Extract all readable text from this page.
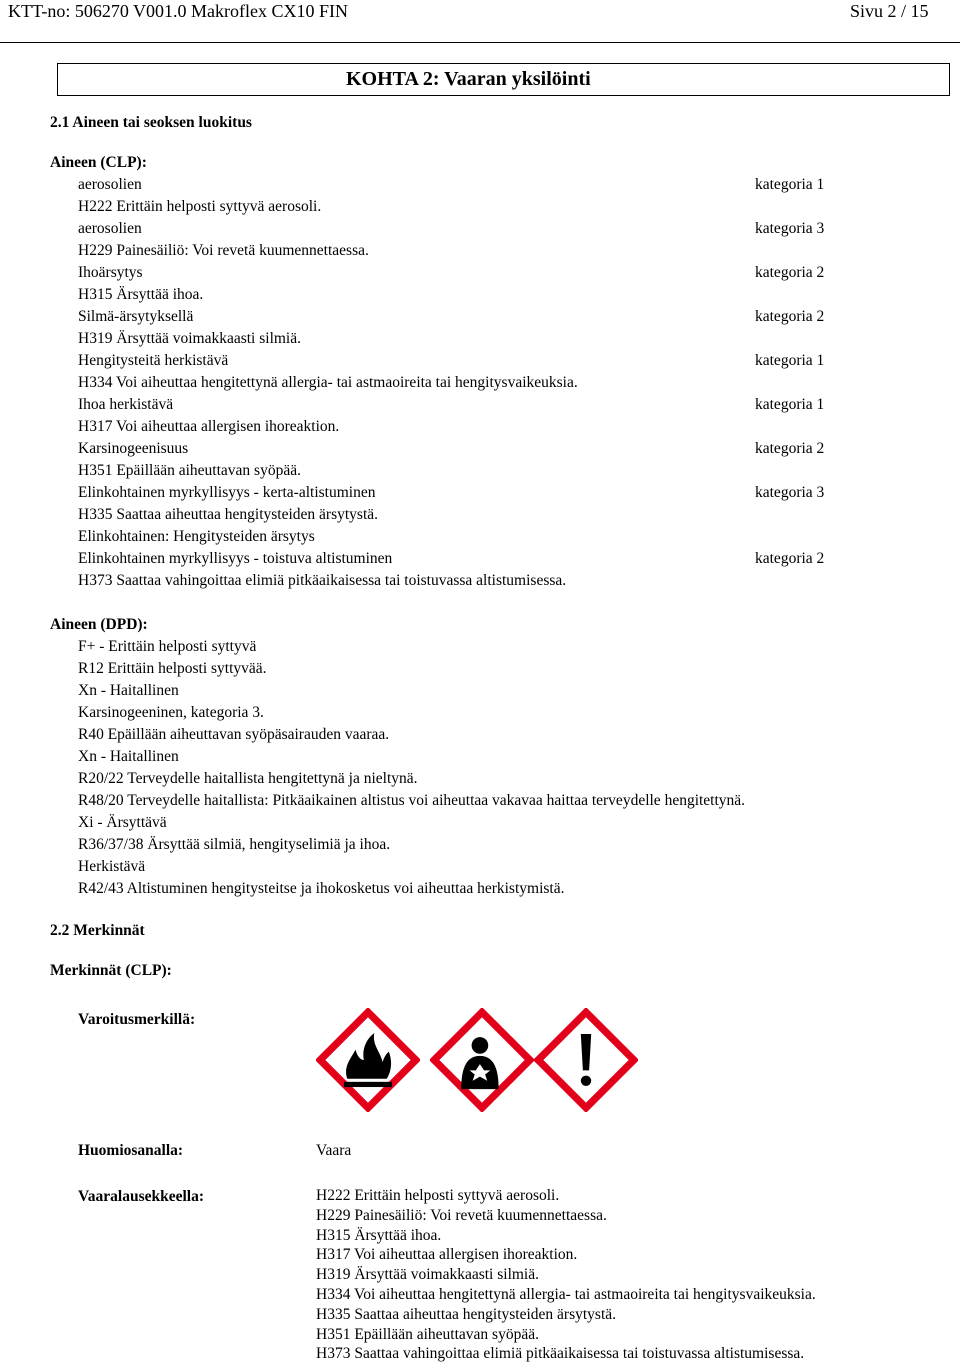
KTT-no: 506270 V001.0 Makroflex CX10 FIN	Sivu 2 / 15
KOHTA 2: Vaaran yksilöinti
2.1 Aineen tai seoksen luokitus
Aineen (CLP):
aerosolien	kategoria 1
H222 Erittäin helposti syttyvä aerosoli.
aerosolien	kategoria 3
H229 Painesäiliö: Voi revetä kuumennettaessa.
Ihoärsytys	kategoria 2
H315 Ärsyttää ihoa.
Silmä-ärsytyksellä	kategoria 2
H319 Ärsyttää voimakkaasti silmiä.
Hengitysteitä herkistävä	kategoria 1
H334 Voi aiheuttaa hengitettynä allergia- tai astmaoireita tai hengitysvaikeuksia.
Ihoa herkistävä	kategoria 1
H317 Voi aiheuttaa allergisen ihoreaktion.
Karsinogeenisuus	kategoria 2
H351 Epäillään aiheuttavan syöpää.
Elinkohtainen myrkyllisyys - kerta-altistuminen	kategoria 3
H335 Saattaa aiheuttaa hengitysteiden ärsytystä.
Elinkohtainen: Hengitysteiden ärsytys
Elinkohtainen myrkyllisyys - toistuva altistuminen	kategoria 2
H373 Saattaa vahingoittaa elimiä pitkäaikaisessa tai toistuvassa altistumisessa.
Aineen (DPD):
F+ - Erittäin helposti syttyvä
R12 Erittäin helposti syttyvää.
Xn - Haitallinen
Karsinogeeninen, kategoria 3.
R40 Epäillään aiheuttavan syöpäsairauden vaaraa.
Xn - Haitallinen
R20/22 Terveydelle haitallista hengitettynä ja nieltynä.
R48/20 Terveydelle haitallista: Pitkäaikainen altistus voi aiheuttaa vakavaa haittaa terveydelle hengitettynä.
Xi - Ärsyttävä
R36/37/38 Ärsyttää silmiä, hengityselimiä ja ihoa.
Herkistävä
R42/43 Altistuminen hengitysteitse ja ihokosketus voi aiheuttaa herkistymistä.
2.2 Merkinnät
Merkinnät (CLP):
Varoitusmerkillä:
Huomiosanalla:	Vaara
Vaaralausekkeella:	H222 Erittäin helposti syttyvä aerosoli.
H229 Painesäiliö: Voi revetä kuumennettaessa.
H315 Ärsyttää ihoa.
H317 Voi aiheuttaa allergisen ihoreaktion.
H319 Ärsyttää voimakkaasti silmiä.
H334 Voi aiheuttaa hengitettynä allergia- tai astmaoireita tai hengitysvaikeuksia.
H335 Saattaa aiheuttaa hengitysteiden ärsytystä.
H351 Epäillään aiheuttavan syöpää.
H373 Saattaa vahingoittaa elimiä pitkäaikaisessa tai toistuvassa altistumisessa.
